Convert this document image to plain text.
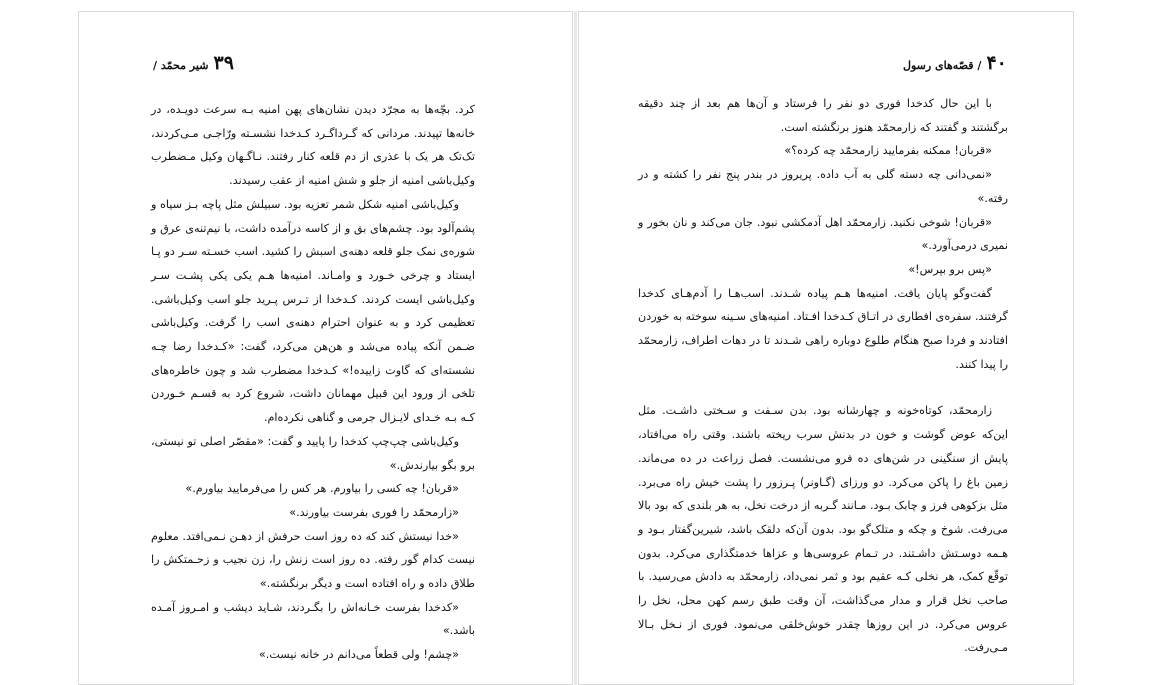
۳۹ شیر محمّد /

کرد. بچّه‌ها به مجرّد دیدن نشان‌های پهن امنیه بـه سرعت دویـده، در خانه‌ها تپیدند. مردانی که گـرداگـرد کـدخدا نشسـته ورّاجـی مـی‌کردند، تک‌تک هر یک با عذری از دم قلعه کنار رفتند. نـاگـهان وکیل مـضطرب وکیل‌باشی امنیه از جلو و شش امنیه از عقب رسیدند.

وکیل‌باشی امنیه شکل شمر تعزیه بود. سبیلش مثل پاچه بـز سیاه و پشم‌آلود بود. چشم‌های بق و از کاسه درآمده داشت، با نیم‌تنه‌ی عرق و شوره‌ی نمک جلو قلعه دهنه‌ی اسبش را کشید. اسب خسـته سـر دو پـا ایستاد و چرخی خـورد و وامـاند. امنیه‌ها هـم یکی یکی پشـت سـر وکیل‌باشی ایست کردند. کـدخدا از تـرس پـرید جلو اسب وکیل‌باشی. تعظیمی کرد و به عنوان احترام دهنه‌ی اسب را گرفت. وکیل‌باشی ضـمن آنکه پیاده می‌شد و هن‌هن می‌کرد، گفت: «کـدخدا رضا چـه نشسته‌ای که گاوت زاییده!» کـدخدا مضطرب شد و چون خاطره‌های تلخی از ورود این قبیل مهمانان داشت، شروع کرد به قسـم خـوردن کـه بـه خـدای لایـزال جرمی و گناهی نکرده‌ام.

وکیل‌باشی چپ‌چپ کدخدا را پایید و گفت: «مقصّر اصلی تو نیستی، برو بگو بیارندش.»

«قربان! چه کسی را بیاورم. هر کس را می‌فرمایید بیاورم.»

«زارمحمّد را فوری بفرست بیاورند.»

«خدا نیستش کند که ده روز است حرفش از دهـن نـمی‌افتد. معلوم نیست کدام گور رفته. ده روز است زنش را، زن نجیب و زحـمتکش را طلاق داده و راه افتاده است و دیگر برنگشته.»

«کدخدا بفرست خـانه‌اش را بگـردند، شـاید دیشب و امـروز آمـده باشد.»

«چشم! ولی قطعاً می‌دانم در خانه نیست.»

۴۰ / قصّه‌های رسول

با این حال کدخدا فوری دو نفر را فرستاد و آن‌ها هم بعد از چند دقیقه برگشتند و گفتند که زارمحمّد هنوز برنگشته است.

«قربان! ممکنه بفرمایید زارمحمّد چه کرده؟»

«نمی‌دانی چه دسته گلی به آب داده. پریروز در بندر پنج نفر را کشته و در رفته.»

«قربان! شوخی نکنید. زارمحمّد اهل آدمکشی نبود. جان می‌کند و نان بخور و نمیری درمی‌آورد.»

«پس برو بپرس!»

گفت‌وگو پایان یافت. امنیه‌ها هـم پیاده شـدند. اسب‌هـا را آدم‌هـای کدخدا گرفتند. سفره‌ی افطاری در اتـاق کـدخدا افـتاد. امنیه‌های سـینه سوخته به خوردن افتادند و فردا صبح هنگام طلوع دوباره راهی شـدند تا در دهات اطراف، زارمحمّد را پیدا کنند.

زارمحمّد، کوتاه‌خونه و چهارشانه بود. بدن سـفت و سـختی داشـت. مثل این‌که عوض گوشت و خون در بدنش سرب ریخته باشند. وقتی راه می‌افتاد، پایش از سنگینی در شن‌های ده فرو می‌نشست. فصل زراعت در ده می‌ماند. زمین باغ را پاکن می‌کرد. دو ورزای (گـاونر) پـرزور را پشت خیش راه می‌برد. مثل بزکوهی فرز و چابک بـود. مـانند گـربه از درخت نخل، به هر بلندی که بود بالا می‌رفت. شوخ و چکه و متلک‌گو بود. بدون آن‌که دلقک باشد، شیرین‌گفتار بـود و هـمه دوسـتش داشـتند. در تـمام عروسی‌ها و عزاها خدمتگذاری می‌کرد. بدون توقّع کمک، هر نخلی کـه عقیم بود و ثمر نمی‌داد، زارمحمّد به دادش می‌رسید. با صاحب نخل قرار و مدار می‌گذاشت، آن وقت طبق رسم کهن محل، نخل را عروس می‌کرد. در این روزها چقدر خوش‌خلقی می‌نمود. فوری از نـخل بـالا مـی‌رفت.
